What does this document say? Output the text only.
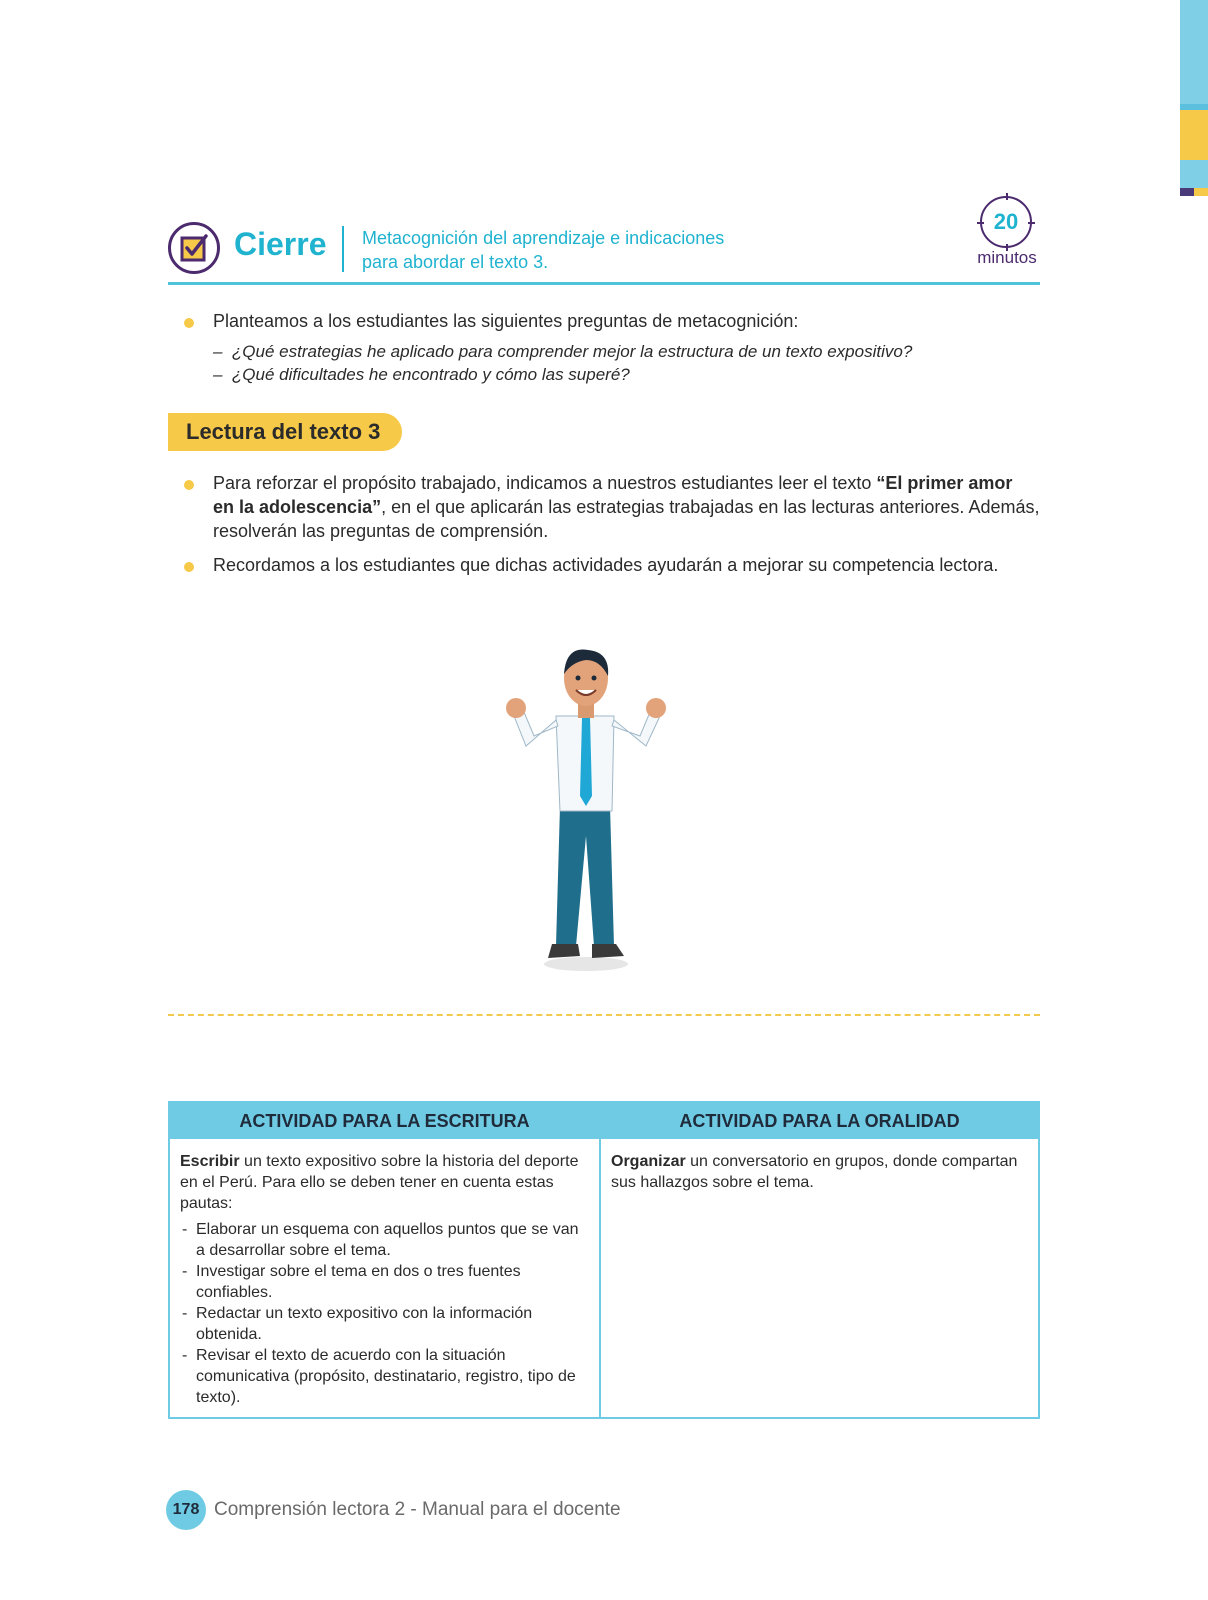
Cierre Metacognición del aprendizaje e indicaciones
para abordar el texto 3.
20
minutos
Planteamos a los estudiantes las siguientes preguntas de metacognición:
–  ¿Qué estrategias he aplicado para comprender mejor la estructura de un texto expositivo?
–  ¿Qué dificultades he encontrado y cómo las superé?
Lectura del texto 3
Para reforzar el propósito trabajado, indicamos a nuestros estudiantes leer el texto “El primer amor
en la adolescencia”, en el que aplicarán las estrategias trabajadas en las lecturas anteriores. Además,
resolverán las preguntas de comprensión.
Recordamos a los estudiantes que dichas actividades ayudarán a mejorar su competencia lectora.
ACTIVIDAD PARA LA ESCRITURA	ACTIVIDAD PARA LA ORALIDAD
Escribir un texto expositivo sobre la historia del deporte en el Perú. Para ello se deben tener en cuenta estas pautas:
- Elaborar un esquema con aquellos puntos que se van a desarrollar sobre el tema.
- Investigar sobre el tema en dos o tres fuentes confiables.
- Redactar un texto expositivo con la información obtenida.
- Revisar el texto de acuerdo con la situación comunicativa (propósito, destinatario, registro, tipo de texto).
Organizar un conversatorio en grupos, donde compartan sus hallazgos sobre el tema.
178 Comprensión lectora 2 - Manual para el docente
